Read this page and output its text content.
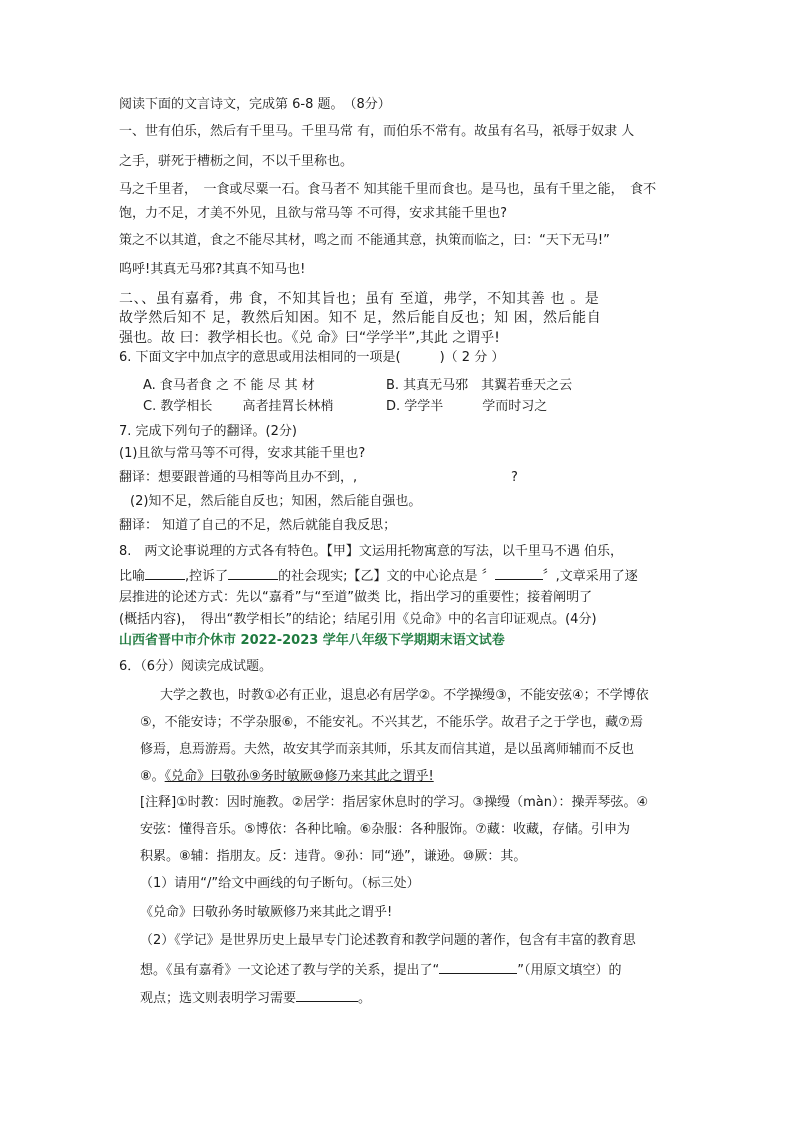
阅读下面的文言诗文，完成第 6-8 题。　（8分）
一、世有伯乐，然后有千里马。千里马常 有，而伯乐不常有。故虽有名马，祇辱于奴隶 人
之手，骈死于槽枥之间，不以千里称也。
马之千里者，　一食或尽粟一石。食马者不 知其能千里而食也。是马也，虽有千里之能，　食不
饱，力不足，才美不外见，且欲与常马等 不可得，安求其能千里也?
策之不以其道，食之不能尽其材，鸣之而 不能通其意，执策而临之，曰：“天下无马!”
呜呼!其真无马邪?其真不知马也!
二、、虽有嘉肴，弗 食，不知其旨也；虽有 至道，弗学，不知其善 也 。是
故学然后知不 足，教然后知困。知不 足，然后能自反也；知 困，然后能自
强也。故 曰：教学相长也。《兑 命》曰“学学半”,其此 之谓乎!
6. 下面文字中加点字的意思或用法相同的一项是(　　　)（ 2 分 ）
A. 食马者食 之 不 能 尽 其 材	B. 其真无马邪　其翼若垂天之云
C. 教学相长　　 高者挂罥长林梢	D. 学学半　　　学而时习之
7. 完成下列句子的翻译。(2分)
(1)且欲与常马等不可得，安求其能千里也?
翻译：想要跟普通的马相等尚且办不到，,	?
(2)知不足，然后能自反也；知困，然后能自强也。
翻译： 知道了自己的不足，然后就能自我反思；
8.　两文论事说理的方式各有特色。【甲】文运用托物寓意的写法，以千里马不遇 伯乐，
比喻	,控诉了	的社会现实;【乙】文的中心论点是 〞	〞,文章采用了逐
层推进的论述方式：先以“嘉肴”与“至道”做类 比，指出学习的重要性；接着阐明了
(概括内容)，　得出“教学相长”的结论；结尾引用《兑命》中的名言印证观点。(4分)
山西省晋中市介休市 2022-2023 学年八年级下学期期末语文试卷
6．（6分）阅读完成试题。
大学之教也，时教①必有正业，退息必有居学②。不学操缦③，不能安弦④；不学博依
⑤，不能安诗；不学杂服⑥，不能安礼。不兴其艺，不能乐学。故君子之于学也，藏⑦焉
修焉，息焉游焉。夫然，故安其学而亲其师，乐其友而信其道，是以虽离师辅而不反也
⑧。《兑命》曰敬孙⑨务时敏厥⑩修乃来其此之谓乎!
[注释]①时教：因时施教。②居学：指居家休息时的学习。③操缦（màn）：操弄琴弦。④
安弦：懂得音乐。⑤博依：各种比喻。⑥杂服：各种服饰。⑦藏：收藏，存储。引申为
积累。⑧辅：指朋友。反：违背。⑨孙：同“逊”，谦逊。⑩厥：其。
（1）请用“/”给文中画线的句子断句。（标三处）
《兑命》曰敬孙务时敏厥修乃来其此之谓乎!
（2）《学记》是世界历史上最早专门论述教育和教学问题的著作，包含有丰富的教育思
想。《虽有嘉肴》一文论述了教与学的关系，提出了“	”（用原文填空）的
观点；选文则表明学习需要	。
